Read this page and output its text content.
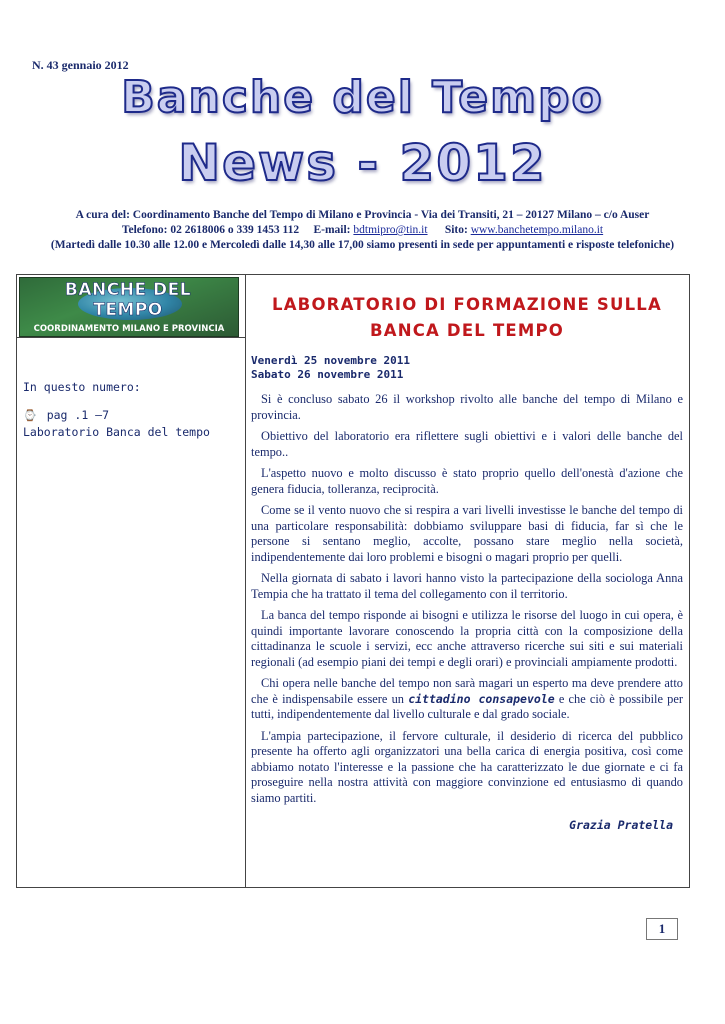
N. 43 gennaio 2012
Banche del Tempo
News - 2012
A cura del: Coordinamento Banche del Tempo di Milano e Provincia - Via dei Transiti, 21 – 20127 Milano – c/o Auser
Telefono: 02 2618006 o 339 1453 112 E-mail: bdtmipro@tin.it Sito: www.banchetempo.milano.it
(Martedì dalle 10.30 alle 12.00 e Mercoledì dalle 14,30 alle 17,00 siamo presenti in sede per appuntamenti e risposte telefoniche)
BANCHE DEL TEMPO
COORDINAMENTO MILANO E PROVINCIA
In questo numero:
⌚ pag .1 –7
Laboratorio Banca del tempo
LABORATORIO DI FORMAZIONE SULLA
BANCA DEL TEMPO
Venerdì 25 novembre 2011
Sabato 26 novembre 2011

Si è concluso sabato 26 il workshop rivolto alle banche del tempo di Milano e provincia.

Obiettivo del laboratorio era riflettere sugli obiettivi e i valori delle banche del tempo..

L'aspetto nuovo e molto discusso è stato proprio quello dell'onestà d'azione che genera fiducia, tolleranza, reciprocità.

Come se il vento nuovo che si respira a vari livelli investisse le banche del tempo di una particolare responsabilità: dobbiamo sviluppare basi di fiducia, far sì che le persone si sentano meglio, accolte, possano stare meglio nella società, indipendentemente dai loro problemi e bisogni o magari proprio per quelli.

Nella giornata di sabato i lavori hanno visto la partecipazione della sociologa Anna Tempia che ha trattato il tema del collegamento con il territorio.

La banca del tempo risponde ai bisogni e utilizza le risorse del luogo in cui opera, è quindi importante lavorare conoscendo la propria città con la composizione della cittadinanza le scuole i servizi, ecc anche attraverso ricerche sui siti e sui materiali regionali (ad esempio piani dei tempi e degli orari) e provinciali ampiamente prodotti.

Chi opera nelle banche del tempo non sarà magari un esperto ma deve prendere atto che è indispensabile essere un cittadino consapevole e che ciò è possibile per tutti, indipendentemente dal livello culturale e dal grado sociale.

L'ampia partecipazione, il fervore culturale, il desiderio di ricerca del pubblico presente ha offerto agli organizzatori una bella carica di energia positiva, così come abbiamo notato l'interesse e la passione che ha caratterizzato le due giornate e ci fa proseguire nella nostra attività con maggiore convinzione ed entusiasmo di quando siamo partiti.

Grazia Pratella
1
